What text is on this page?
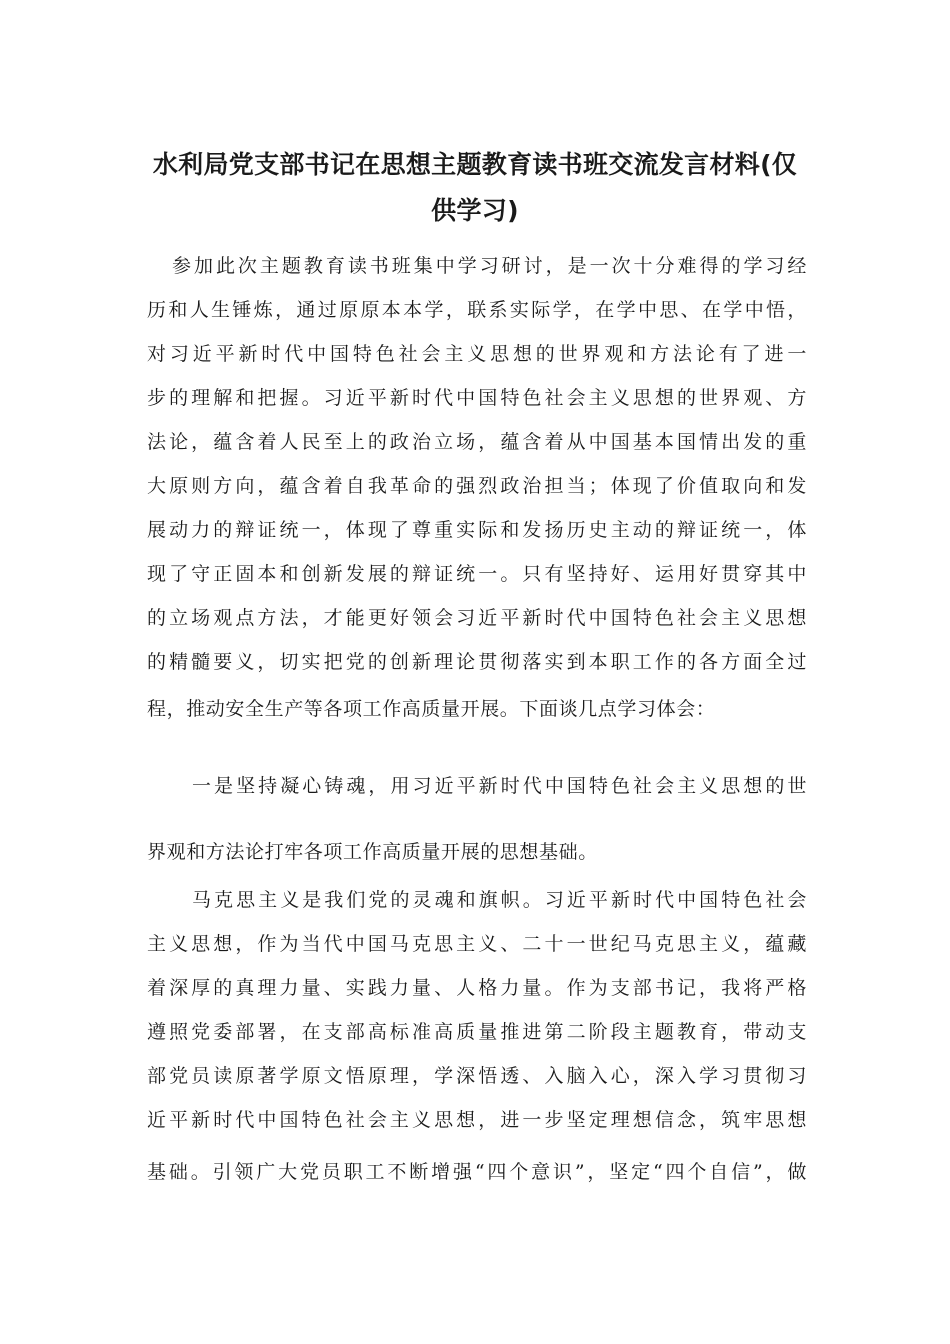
水利局党支部书记在思想主题教育读书班交流发言材料(仅
供学习)
参加此次主题教育读书班集中学习研讨，是一次十分难得的学习经
历和人生锤炼，通过原原本本学，联系实际学，在学中思、在学中悟，
对习近平新时代中国特色社会主义思想的世界观和方法论有了进一
步的理解和把握。习近平新时代中国特色社会主义思想的世界观、方
法论，蕴含着人民至上的政治立场，蕴含着从中国基本国情出发的重
大原则方向，蕴含着自我革命的强烈政治担当；体现了价值取向和发
展动力的辩证统一，体现了尊重实际和发扬历史主动的辩证统一，体
现了守正固本和创新发展的辩证统一。只有坚持好、运用好贯穿其中
的立场观点方法，才能更好领会习近平新时代中国特色社会主义思想
的精髓要义，切实把党的创新理论贯彻落实到本职工作的各方面全过
程，推动安全生产等各项工作高质量开展。下面谈几点学习体会：
一是坚持凝心铸魂，用习近平新时代中国特色社会主义思想的世
界观和方法论打牢各项工作高质量开展的思想基础。
马克思主义是我们党的灵魂和旗帜。习近平新时代中国特色社会
主义思想，作为当代中国马克思主义、二十一世纪马克思主义，蕴藏
着深厚的真理力量、实践力量、人格力量。作为支部书记，我将严格
遵照党委部署，在支部高标准高质量推进第二阶段主题教育，带动支
部党员读原著学原文悟原理，学深悟透、入脑入心，深入学习贯彻习
近平新时代中国特色社会主义思想，进一步坚定理想信念，筑牢思想
基础。引领广大党员职工不断增强“四个意识”，坚定“四个自信”，做
